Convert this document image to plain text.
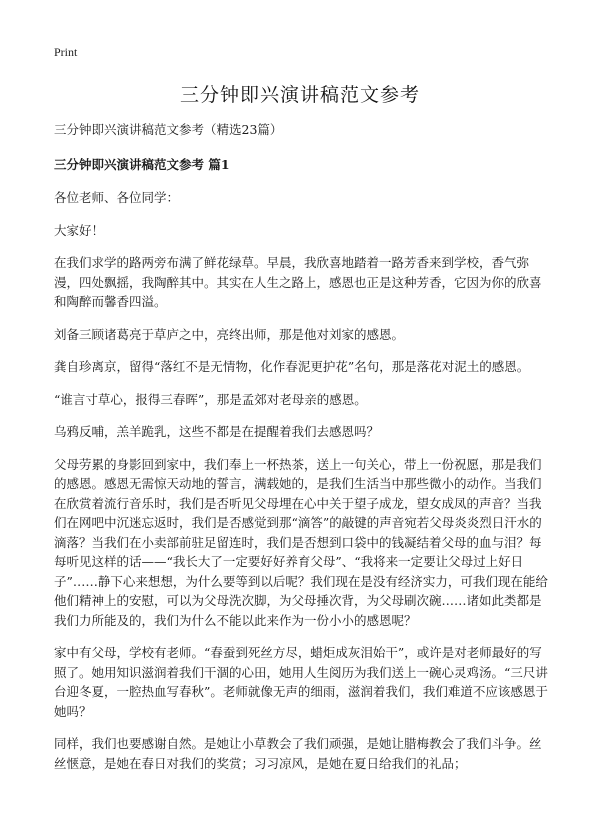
Print
三分钟即兴演讲稿范文参考

三分钟即兴演讲稿范文参考（精选23篇）

三分钟即兴演讲稿范文参考 篇1

各位老师、各位同学：

大家好！

在我们求学的路两旁布满了鲜花绿草。早晨，我欣喜地踏着一路芳香来到学校，香气弥漫，四处飘摇，我陶醉其中。其实在人生之路上，感恩也正是这种芳香，它因为你的欣喜和陶醉而馨香四溢。

刘备三顾诸葛亮于草庐之中，亮终出师，那是他对刘家的感恩。

龚自珍离京，留得“落红不是无情物，化作春泥更护花”名句，那是落花对泥土的感恩。

“谁言寸草心，报得三春晖”，那是孟郊对老母亲的感恩。

乌鸦反哺，羔羊跪乳，这些不都是在提醒着我们去感恩吗？

父母劳累的身影回到家中，我们奉上一杯热茶，送上一句关心，带上一份祝愿，那是我们的感恩。感恩无需惊天动地的誓言，满载她的，是我们生活当中那些微小的动作。当我们在欣赏着流行音乐时，我们是否听见父母埋在心中关于望子成龙，望女成凤的声音？当我们在网吧中沉迷忘返时，我们是否感觉到那“滴答”的敲键的声音宛若父母炎炎烈日汗水的滴落？当我们在小卖部前驻足留连时，我们是否想到口袋中的钱凝结着父母的血与泪？每每听见这样的话——“我长大了一定要好好养育父母”、“我将来一定要让父母过上好日子”……静下心来想想，为什么要等到以后呢？我们现在是没有经济实力，可我们现在能给他们精神上的安慰，可以为父母洗次脚，为父母捶次背，为父母刷次碗……诸如此类都是我们力所能及的，我们为什么不能以此来作为一份小小的感恩呢？

家中有父母，学校有老师。“春蚕到死丝方尽，蜡炬成灰泪始干”，或许是对老师最好的写照了。她用知识滋润着我们干涸的心田，她用人生阅历为我们送上一碗心灵鸡汤。“三尺讲台迎冬夏，一腔热血写春秋”。老师就像无声的细雨，滋润着我们，我们难道不应该感恩于她吗？

同样，我们也要感谢自然。是她让小草教会了我们顽强，是她让腊梅教会了我们斗争。丝丝惬意，是她在春日对我们的奖赏；习习凉风，是她在夏日给我们的礼品；
